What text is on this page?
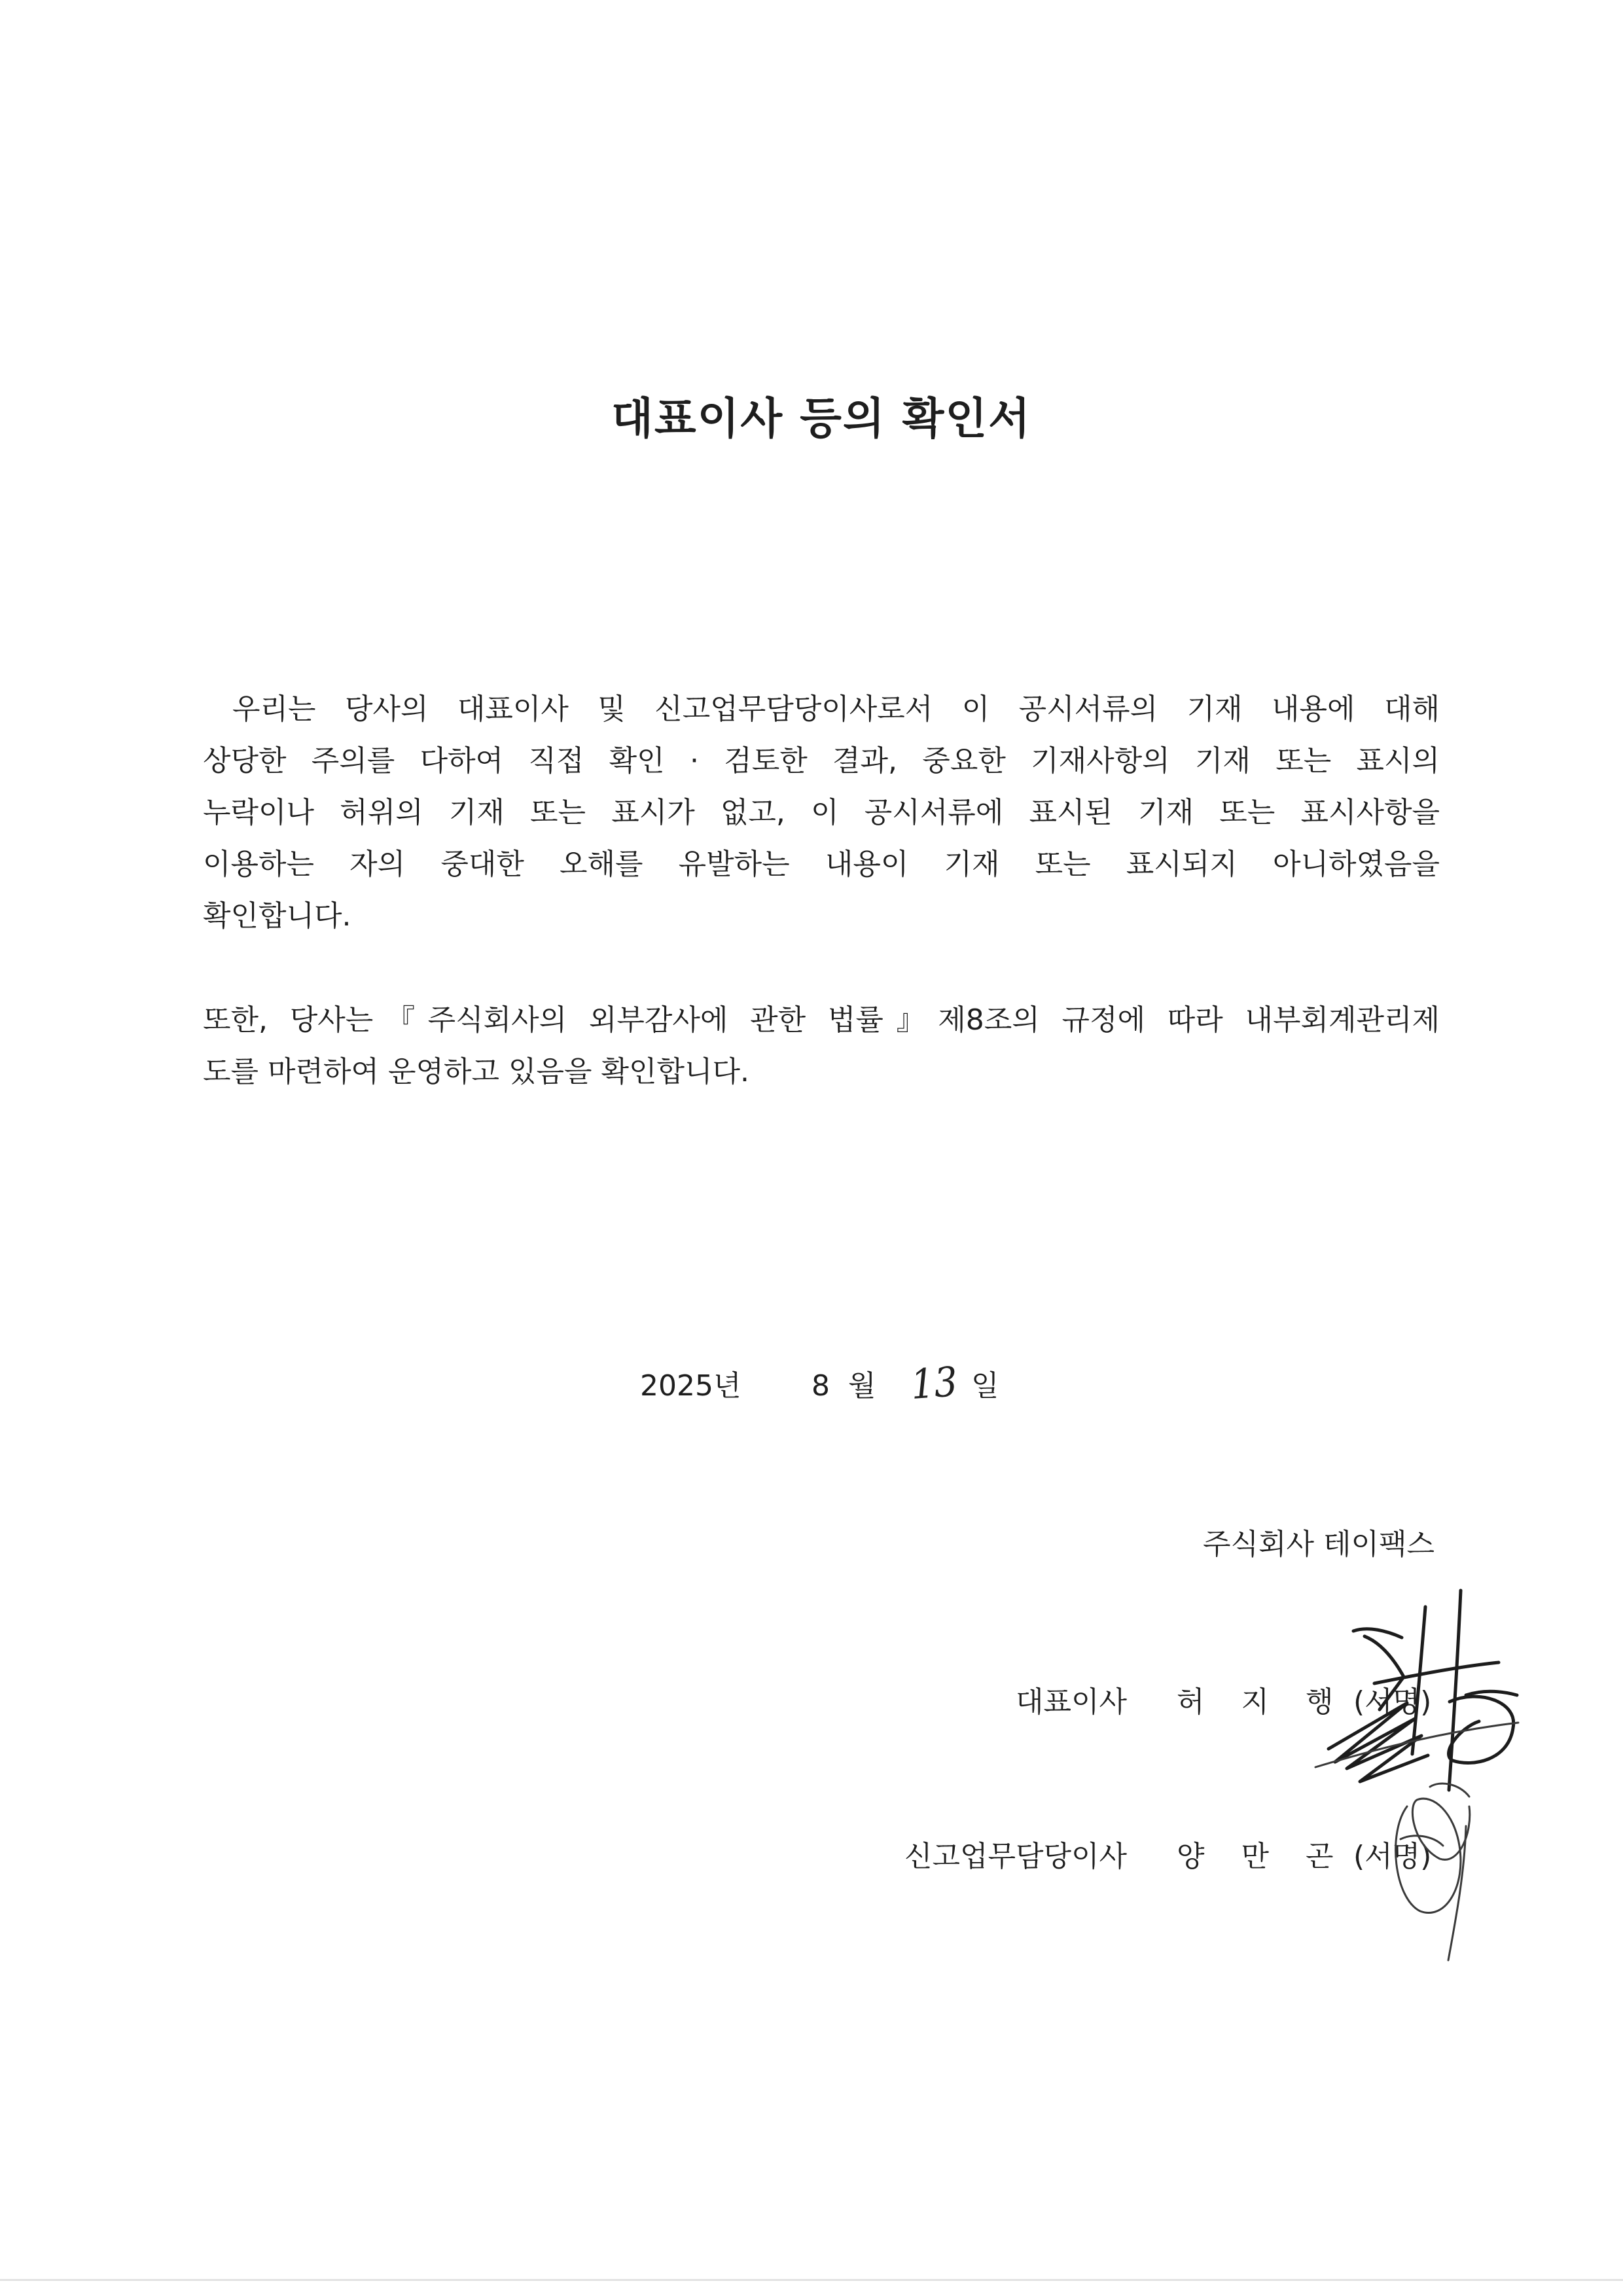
대표이사 등의 확인서
우리는 당사의 대표이사 및 신고업무담당이사로서 이 공시서류의 기재 내용에 대해
상당한 주의를 다하여 직접 확인 · 검토한 결과, 중요한 기재사항의 기재 또는 표시의
누락이나 허위의 기재 또는 표시가 없고, 이 공시서류에 표시된 기재 또는 표시사항을
이용하는 자의 중대한 오해를 유발하는 내용이 기재 또는 표시되지 아니하였음을
확인합니다.
또한, 당사는『주식회사의 외부감사에 관한 법률』제8조의 규정에 따라 내부회계관리제
도를 마련하여 운영하고 있음을 확인합니다.
2025년 8 월 13 일
주식회사 테이팩스
대표이사 허 지 행 (서명)
신고업무담당이사 양 만 곤 (서명)
